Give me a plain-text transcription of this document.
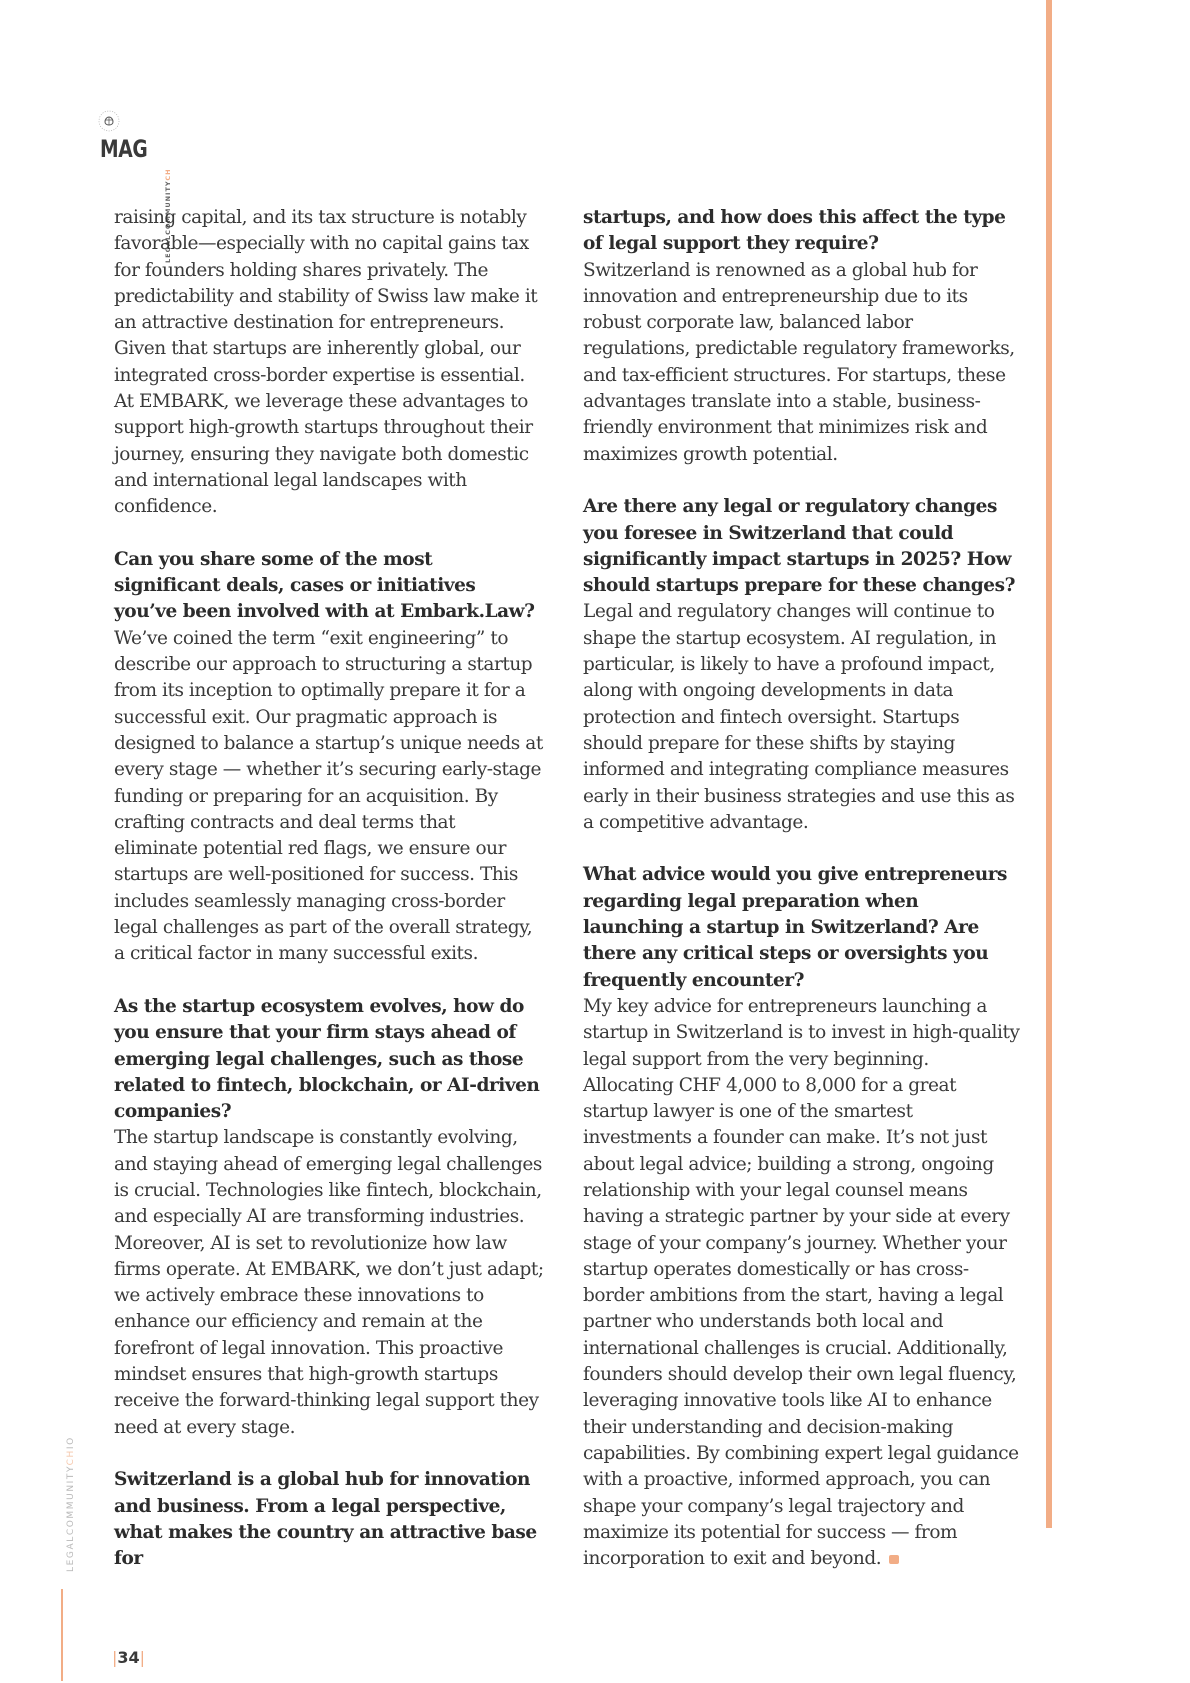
LEGALCOMMUNITYCH
MAG

raising capital, and its tax structure is notably favorable—especially with no capital gains tax for founders holding shares privately. The predictability and stability of Swiss law make it an attractive destination for entrepreneurs. Given that startups are inherently global, our integrated cross-border expertise is essential. At EMBARK, we leverage these advantages to support high-growth startups throughout their journey, ensuring they navigate both domestic and international legal landscapes with confidence.

Can you share some of the most significant deals, cases or initiatives you’ve been involved with at Embark.Law?

We’ve coined the term “exit engineering” to describe our approach to structuring a startup from its inception to optimally prepare it for a successful exit. Our pragmatic approach is designed to balance a startup’s unique needs at every stage — whether it’s securing early-stage funding or preparing for an acquisition. By crafting contracts and deal terms that eliminate potential red flags, we ensure our startups are well-positioned for success. This includes seamlessly managing cross-border legal challenges as part of the overall strategy, a critical factor in many successful exits.

As the startup ecosystem evolves, how do you ensure that your firm stays ahead of emerging legal challenges, such as those related to fintech, blockchain, or AI-driven companies?

The startup landscape is constantly evolving, and staying ahead of emerging legal challenges is crucial. Technologies like fintech, blockchain, and especially AI are transforming industries. Moreover, AI is set to revolutionize how law firms operate. At EMBARK, we don’t just adapt; we actively embrace these innovations to enhance our efficiency and remain at the forefront of legal innovation. This proactive mindset ensures that high-growth startups receive the forward-thinking legal support they need at every stage.

Switzerland is a global hub for innovation and business. From a legal perspective, what makes the country an attractive base for

startups, and how does this affect the type of legal support they require?

Switzerland is renowned as a global hub for innovation and entrepreneurship due to its robust corporate law, balanced labor regulations, predictable regulatory frameworks, and tax-efficient structures. For startups, these advantages translate into a stable, business-friendly environment that minimizes risk and maximizes growth potential.

Are there any legal or regulatory changes you foresee in Switzerland that could significantly impact startups in 2025? How should startups prepare for these changes?

Legal and regulatory changes will continue to shape the startup ecosystem. AI regulation, in particular, is likely to have a profound impact, along with ongoing developments in data protection and fintech oversight. Startups should prepare for these shifts by staying informed and integrating compliance measures early in their business strategies and use this as a competitive advantage.

What advice would you give entrepreneurs regarding legal preparation when launching a startup in Switzerland? Are there any critical steps or oversights you frequently encounter?

My key advice for entrepreneurs launching a startup in Switzerland is to invest in high-quality legal support from the very beginning. Allocating CHF 4,000 to 8,000 for a great startup lawyer is one of the smartest investments a founder can make. It’s not just about legal advice; building a strong, ongoing relationship with your legal counsel means having a strategic partner by your side at every stage of your company’s journey. Whether your startup operates domestically or has cross-border ambitions from the start, having a legal partner who understands both local and international challenges is crucial. Additionally, founders should develop their own legal fluency, leveraging innovative tools like AI to enhance their understanding and decision-making capabilities. By combining expert legal guidance with a proactive, informed approach, you can shape your company’s legal trajectory and maximize its potential for success — from incorporation to exit and beyond.

LEGALCOMMUNITYCHIO
|34|
